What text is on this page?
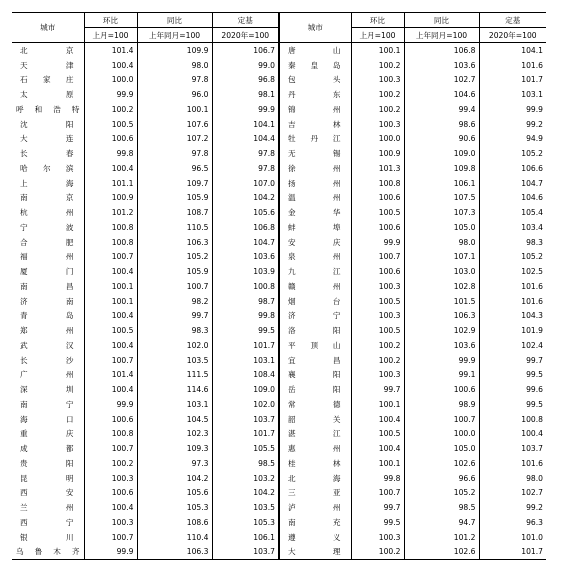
城市	环比	同比	定基	城市	环比	同比	定基
	上月=100	上年同月=100	2020年=100		上月=100	上年同月=100	2020年=100
北京	101.4	109.9	106.7	唐山	100.1	106.8	104.1
天津	100.4	98.0	99.0	秦皇岛	100.2	103.6	101.6
石家庄	100.0	97.8	96.8	包头	100.3	102.7	101.7
太原	99.9	96.0	98.1	丹东	100.2	104.6	103.1
呼和浩特	100.2	100.1	99.9	锦州	100.2	99.4	99.9
沈阳	100.5	107.6	104.1	吉林	100.3	98.6	99.2
大连	100.6	107.2	104.4	牡丹江	100.0	90.6	94.9
长春	99.8	97.8	97.8	无锡	100.9	109.0	105.2
哈尔滨	100.4	96.5	97.8	徐州	101.3	109.8	106.6
上海	101.1	109.7	107.0	扬州	100.8	106.1	104.7
南京	100.9	105.9	104.2	温州	100.6	107.5	104.6
杭州	101.2	108.7	105.6	金华	100.5	107.3	105.4
宁波	100.8	110.5	106.8	蚌埠	100.6	105.0	103.4
合肥	100.8	106.3	104.7	安庆	99.9	98.0	98.3
福州	100.7	105.2	103.6	泉州	100.7	107.1	105.2
厦门	100.4	105.9	103.9	九江	100.6	103.0	102.5
南昌	100.1	100.7	100.8	赣州	100.3	102.8	101.6
济南	100.1	98.2	98.7	烟台	100.5	101.5	101.6
青岛	100.4	99.7	99.8	济宁	100.3	106.3	104.3
郑州	100.5	98.3	99.5	洛阳	100.5	102.9	101.9
武汉	100.4	102.0	101.7	平顶山	100.2	103.6	102.4
长沙	100.7	103.5	103.1	宜昌	100.2	99.9	99.7
广州	101.4	111.5	108.4	襄阳	100.3	99.1	99.5
深圳	100.4	114.6	109.0	岳阳	99.7	100.6	99.6
南宁	99.9	103.1	102.0	常德	100.1	98.9	99.5
海口	100.6	104.5	103.7	韶关	100.4	100.7	100.8
重庆	100.8	102.3	101.7	湛江	100.5	100.0	100.4
成都	100.7	109.3	105.5	惠州	100.4	105.0	103.7
贵阳	100.2	97.3	98.5	桂林	100.1	102.6	101.6
昆明	100.3	104.2	103.2	北海	99.8	96.6	98.0
西安	100.6	105.6	104.2	三亚	100.7	105.2	102.7
兰州	100.4	105.3	103.5	泸州	99.7	98.5	99.2
西宁	100.3	108.6	105.3	南充	99.5	94.7	96.3
银川	100.7	110.4	106.1	遵义	100.3	101.2	101.0
乌鲁木齐	99.9	106.3	103.7	大理	100.2	102.6	101.7
